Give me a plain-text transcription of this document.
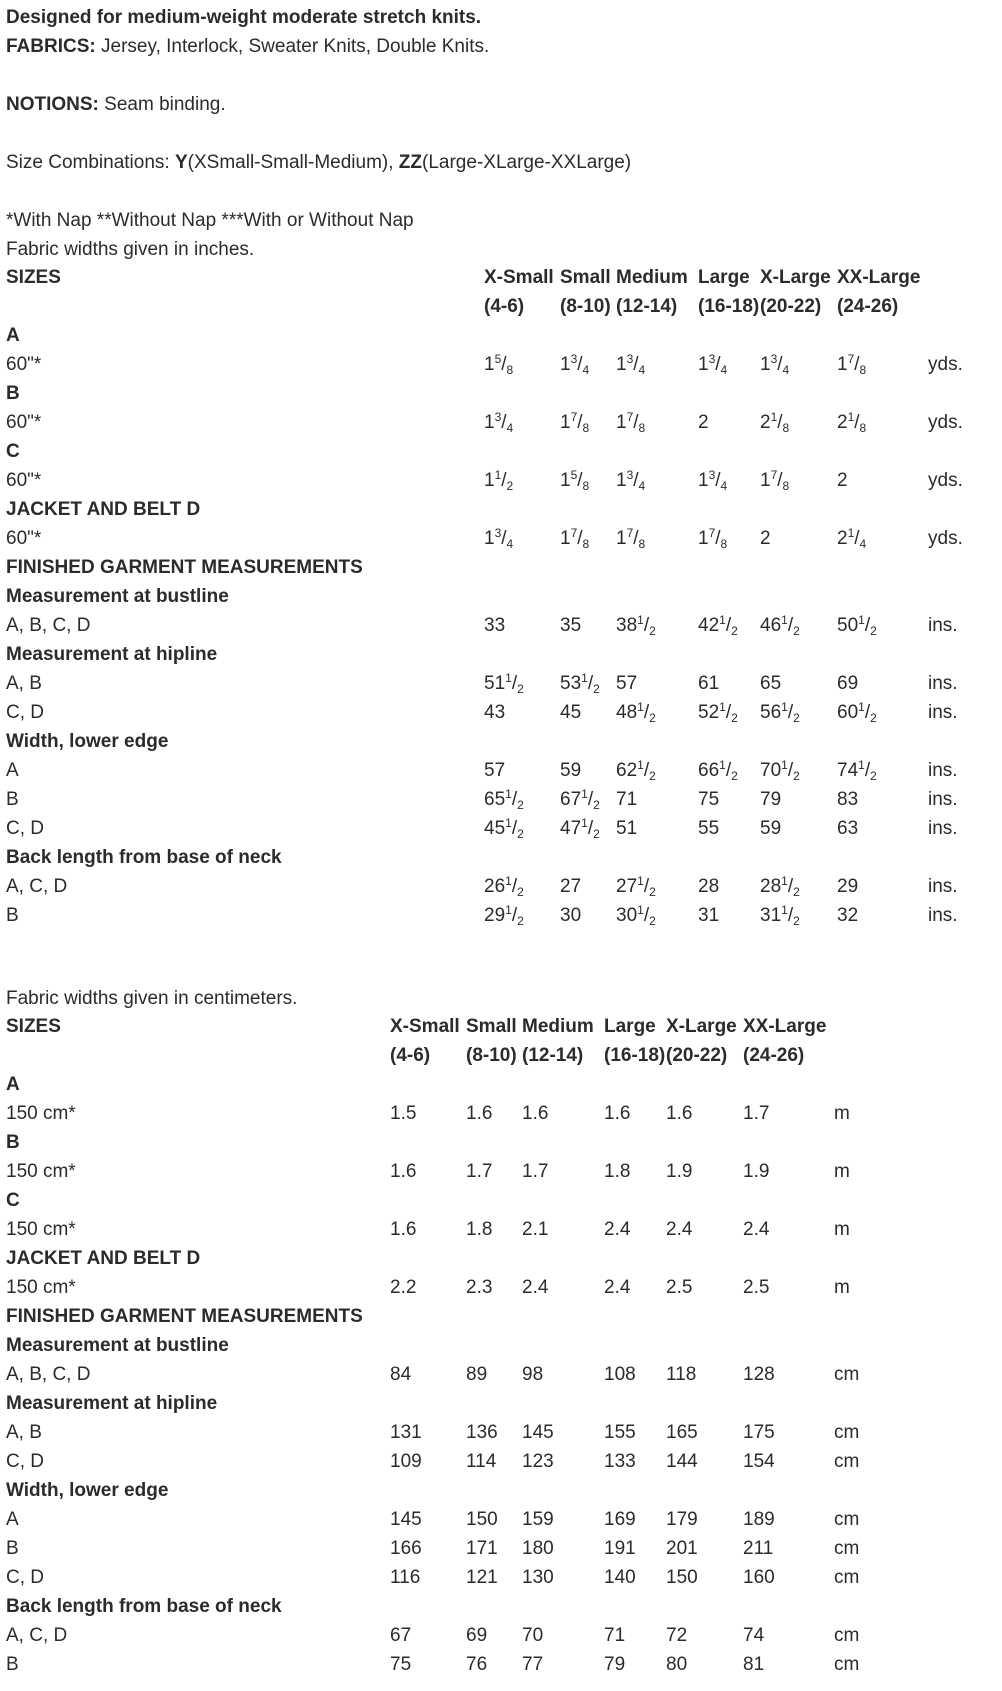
Designed for medium-weight moderate stretch knits.
FABRICS: Jersey, Interlock, Sweater Knits, Double Knits.
NOTIONS: Seam binding.
Size Combinations: Y(XSmall-Small-Medium), ZZ(Large-XLarge-XXLarge)
*With Nap **Without Nap ***With or Without Nap
Fabric widths given in inches.
SIZES	X-Small Small Medium Large X-Large XX-Large
(4-6) (8-10) (12-14) (16-18) (20-22) (24-26)
A
60"*	$1^5/_8$ $1^3/_4$ $1^3/_4$	$1^3/_4$ $1^3/_4$	$1^7/_8$	yds.
B
60"*	$1^3/_4$ $1^7/_8$ $1^7/_8$	2	$2^1/_8$	$2^1/_8$	yds.
C
60"*	$1^1/_2$ $1^5/_8$ $1^3/_4$	$1^3/_4$ $1^7/_8$	2	yds.
JACKET AND BELT D
60"*	$1^3/_4$ $1^7/_8$ $1^7/_8$	$1^7/_8$ 2	$2^1/_4$	yds.
FINISHED GARMENT MEASUREMENTS
Measurement at bustline
A, B, C, D	33	35 $38^1/_2$ $42^1/_2$ $46^1/_2$ $50^1/_2$	ins.
Measurement at hipline
A, B	$51^1/_2$ $53^1/_2$ 57	61 65	69	ins.
C, D	43	45 $48^1/_2$ $52^1/_2$ $56^1/_2$ $60^1/_2$	ins.
Width, lower edge
A	57	59 $62^1/_2$ $66^1/_2$ $70^1/_2$ $74^1/_2$	ins.
B	$65^1/_2$ $67^1/_2$ 71	75 79	83	ins.
C, D	$45^1/_2$ $47^1/_2$ 51	55 59	63	ins.
Back length from base of neck
A, C, D	$26^1/_2$ 27 $27^1/_2$ 28 $28^1/_2$ 29	ins.
B	$29^1/_2$ 30 $30^1/_2$ 31 $31^1/_2$ 32	ins.
Fabric widths given in centimeters.
SIZES	X-Small Small Medium Large X-Large XX-Large
(4-6) (8-10) (12-14) (16-18) (20-22) (24-26)
A
150 cm*	1.5	1.6 1.6	1.6 1.6	1.7	m
B
150 cm*	1.6	1.7 1.7	1.8 1.9	1.9	m
C
150 cm*	1.6	1.8 2.1	2.4 2.4	2.4	m
JACKET AND BELT D
150 cm*	2.2	2.3 2.4	2.4 2.5	2.5	m
FINISHED GARMENT MEASUREMENTS
Measurement at bustline
A, B, C, D	84	89 98	108 118 128	cm
Measurement at hipline
A, B	131 136 145	155 165 175	cm
C, D	109 114 123	133 144 154	cm
Width, lower edge
A	145 150 159	169 179 189	cm
B	166 171 180	191 201 211	cm
C, D	116 121 130	140 150 160	cm
Back length from base of neck
A, C, D	67	69 70	71 72	74	cm
B	75	76 77	79 80	81	cm
